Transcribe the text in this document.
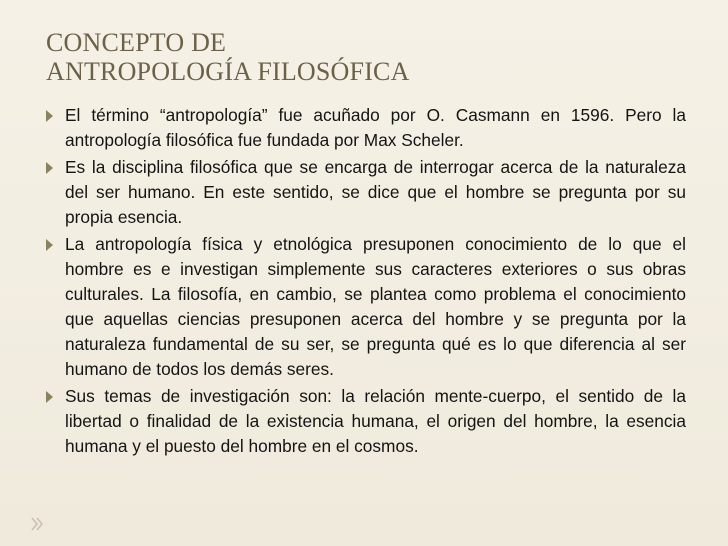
CONCEPTO DE
ANTROPOLOGÍA FILOSÓFICA
El término “antropología” fue acuñado por O. Casmann en 1596. Pero la antropología filosófica fue fundada por Max Scheler.
Es la disciplina filosófica que se encarga de interrogar acerca de la naturaleza del ser humano. En este sentido, se dice que el hombre se pregunta por su propia esencia.
La antropología física y etnológica presuponen conocimiento de lo que el hombre es e investigan simplemente sus caracteres exteriores o sus obras culturales. La filosofía, en cambio, se plantea como problema el conocimiento que aquellas ciencias presuponen acerca del hombre y se pregunta por la naturaleza fundamental de su ser, se pregunta qué es lo que diferencia al ser humano de todos los demás seres.
Sus temas de investigación son: la relación mente-cuerpo, el sentido de la libertad o finalidad de la existencia humana, el origen del hombre, la esencia humana y el puesto del hombre en el cosmos.
